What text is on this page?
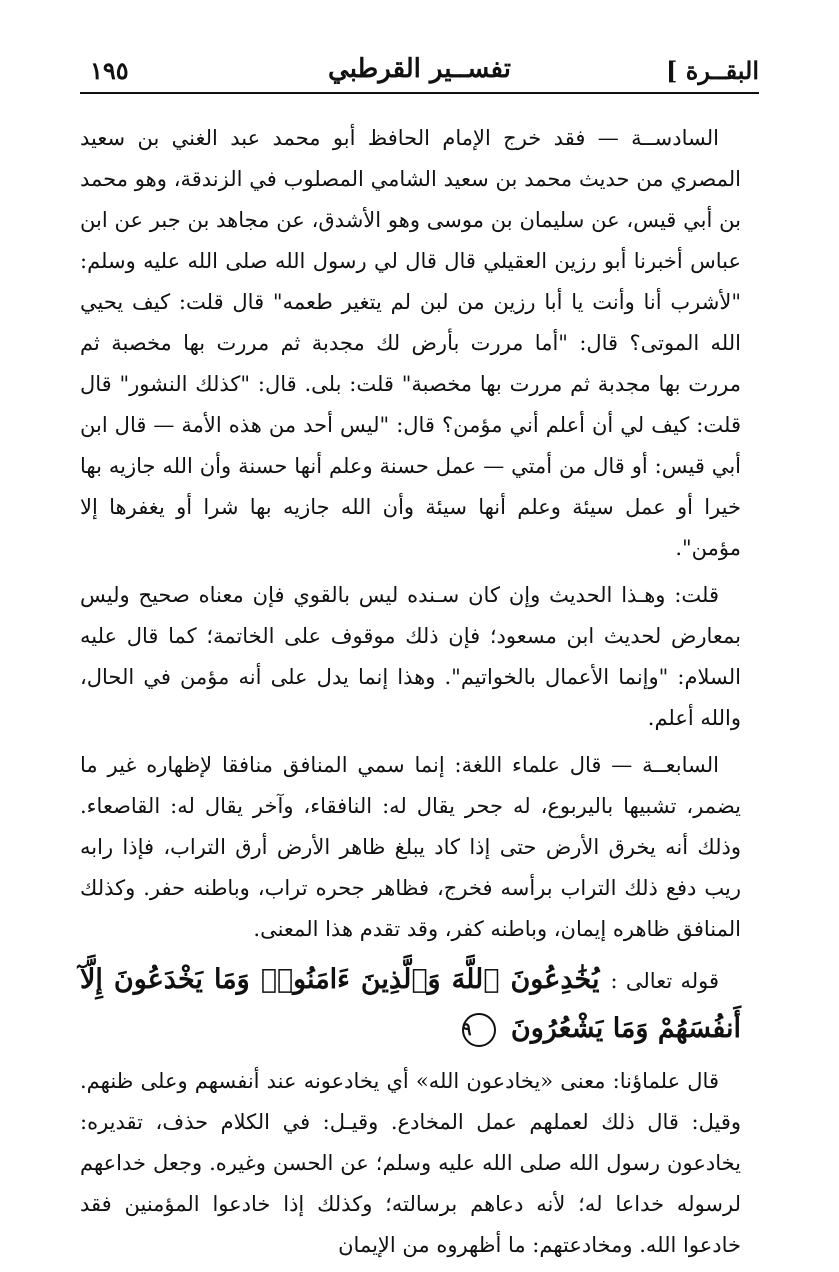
البقــرة ]
تفســير القرطبي
١٩٥

السادســة — فقد خرج الإمام الحافظ أبو محمد عبد الغني بن سعيد المصري من حديث محمد بن سعيد الشامي المصلوب في الزندقة، وهو محمد بن أبي قيس، عن سليمان بن موسى وهو الأشدق، عن مجاهد بن جبر عن ابن عباس أخبرنا أبو رزين العقيلي قال قال لي رسول الله صلى الله عليه وسلم: "لأشرب أنا وأنت يا أبا رزين من لبن لم يتغير طعمه" قال قلت: كيف يحيي الله الموتى؟ قال: "أما مررت بأرض لك مجدبة ثم مررت بها مخصبة ثم مررت بها مجدبة ثم مررت بها مخصبة" قلت: بلى. قال: "كذلك النشور" قال قلت: كيف لي أن أعلم أني مؤمن؟ قال: "ليس أحد من هذه الأمة — قال ابن أبي قيس: أو قال من أمتي — عمل حسنة وعلم أنها حسنة وأن الله جازيه بها خيرا أو عمل سيئة وعلم أنها سيئة وأن الله جازيه بها شرا أو يغفرها إلا مؤمن".

قلت: وهـذا الحديث وإن كان سـنده ليس بالقوي فإن معناه صحيح وليس بمعارض لحديث ابن مسعود؛ فإن ذلك موقوف على الخاتمة؛ كما قال عليه السلام: "وإنما الأعمال بالخواتيم". وهذا إنما يدل على أنه مؤمن في الحال، والله أعلم.

السابعــة — قال علماء اللغة: إنما سمي المنافق منافقا لإظهاره غير ما يضمر، تشبيها باليربوع، له جحر يقال له: النافقاء، وآخر يقال له: القاصعاء. وذلك أنه يخرق الأرض حتى إذا كاد يبلغ ظاهر الأرض أرق التراب، فإذا رابه ريب دفع ذلك التراب برأسه فخرج، فظاهر جحره تراب، وباطنه حفر. وكذلك المنافق ظاهره إيمان، وباطنه كفر، وقد تقدم هذا المعنى.

قوله تعالى : يُخَٰدِعُونَ ٱللَّهَ وَٱلَّذِينَ ءَامَنُوا۟ وَمَا يَخْدَعُونَ إِلَّآ أَنفُسَهُمْ وَمَا يَشْعُرُونَ ٩

قال علماؤنا: معنى «يخادعون الله» أي يخادعونه عند أنفسهم وعلى ظنهم. وقيل: قال ذلك لعملهم عمل المخادع. وقيـل: في الكلام حذف، تقديره: يخادعون رسول الله صلى الله عليه وسلم؛ عن الحسن وغيره. وجعل خداعهم لرسوله خداعا له؛ لأنه دعاهم برسالته؛ وكذلك إذا خادعوا المؤمنين فقد خادعوا الله. ومخادعتهم: ما أظهروه من الإيمان
